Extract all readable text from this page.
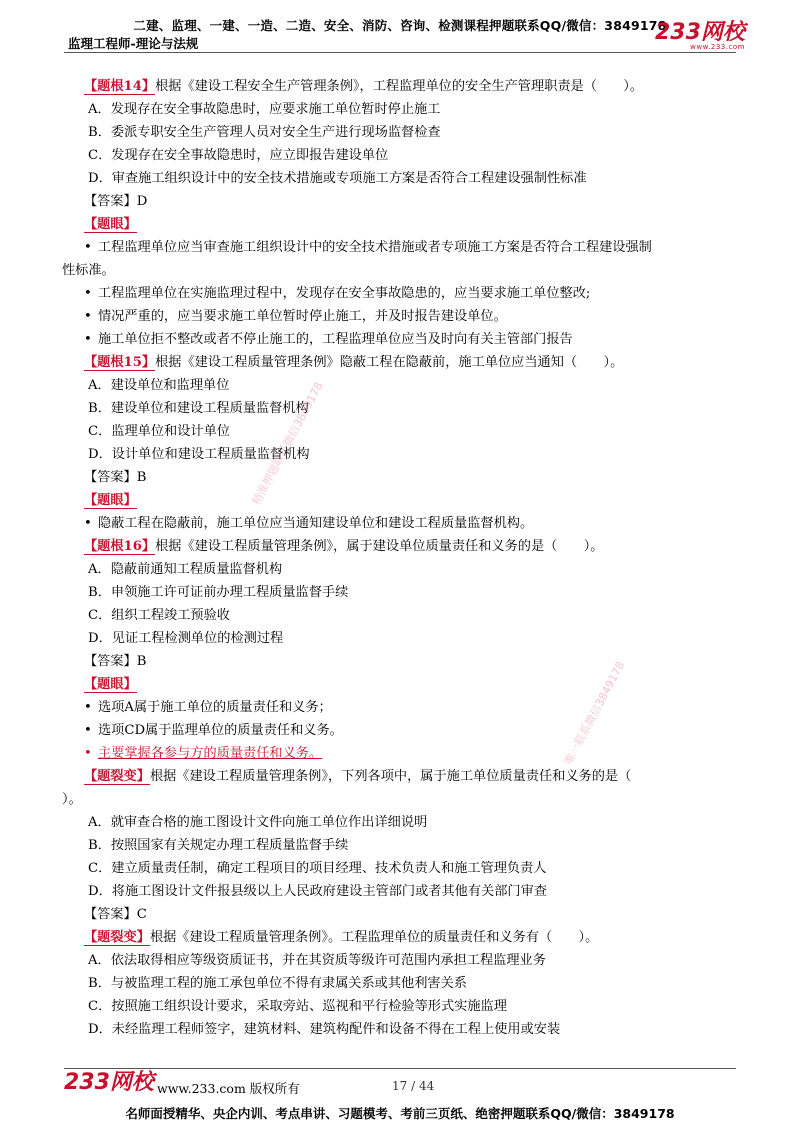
二建、监理、一建、一造、二造、安全、消防、咨询、检测课程押题联系QQ/微信：3849178
监理工程师-理论与法规	233网校
www.233.com
【题根14】根据《建设工程安全生产管理条例》，工程监理单位的安全生产管理职责是（　　）。
A．发现存在安全事故隐患时，应要求施工单位暂时停止施工
B．委派专职安全生产管理人员对安全生产进行现场监督检查
C．发现存在安全事故隐患时，应立即报告建设单位
D．审查施工组织设计中的安全技术措施或专项施工方案是否符合工程建设强制性标准
【答案】D
【题眼】
• 工程监理单位应当审查施工组织设计中的安全技术措施或者专项施工方案是否符合工程建设强制
性标准。
• 工程监理单位在实施监理过程中，发现存在安全事故隐患的，应当要求施工单位整改;
• 情况严重的，应当要求施工单位暂时停止施工，并及时报告建设单位。
• 施工单位拒不整改或者不停止施工的，工程监理单位应当及时向有关主管部门报告
【题根15】根据《建设工程质量管理条例》隐蔽工程在隐蔽前，施工单位应当通知（　　）。
A．建设单位和监理单位
B．建设单位和建设工程质量监督机构
C．监理单位和设计单位
D．设计单位和建设工程质量监督机构
【答案】B
【题眼】
• 隐蔽工程在隐蔽前，施工单位应当通知建设单位和建设工程质量监督机构。
【题根16】根据《建设工程质量管理条例》，属于建设单位质量责任和义务的是（　　）。
A．隐蔽前通知工程质量监督机构
B．申领施工许可证前办理工程质量监督手续
C．组织工程竣工预验收
D．见证工程检测单位的检测过程
【答案】B
【题眼】
• 选项A属于施工单位的质量责任和义务；
• 选项CD属于监理单位的质量责任和义务。
• 主要掌握各参与方的质量责任和义务。
【题裂变】根据《建设工程质量管理条例》，下列各项中，属于施工单位质量责任和义务的是（
）。
A．就审查合格的施工图设计文件向施工单位作出详细说明
B．按照国家有关规定办理工程质量监督手续
C．建立质量责任制，确定工程项目的项目经理、技术负责人和施工管理负责人
D．将施工图设计文件报县级以上人民政府建设主管部门或者其他有关部门审查
【答案】C
【题裂变】根据《建设工程质量管理条例》。工程监理单位的质量责任和义务有（　　）。
A．依法取得相应等级资质证书，并在其资质等级许可范围内承担工程监理业务
B．与被监理工程的施工承包单位不得有隶属关系或其他利害关系
C．按照施工组织设计要求，采取旁站、巡视和平行检验等形式实施监理
D．未经监理工程师签字，建筑材料、建筑构配件和设备不得在工程上使用或安装
精准押题联系微信3849178
唯一联系微信3849178
233网校 www.233.com 版权所有	17 / 44
名师面授精华、央企内训、考点串讲、习题模考、考前三页纸、绝密押题联系QQ/微信：3849178
